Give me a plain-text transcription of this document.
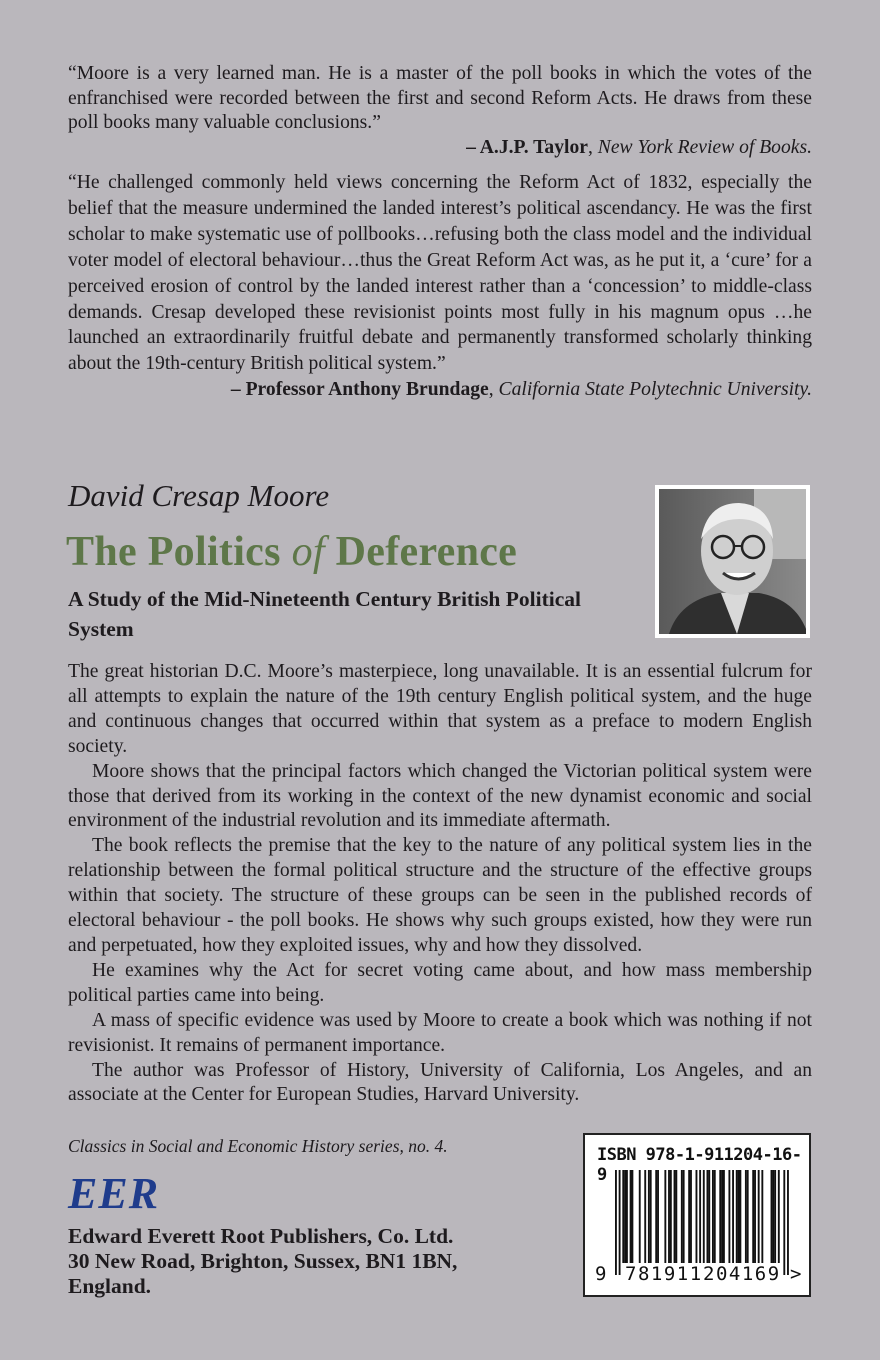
“Moore is a very learned man. He is a master of the poll books in which the votes of the enfranchised were recorded between the first and second Reform Acts. He draws from these poll books many valuable conclusions.”

– A.J.P. Taylor, New York Review of Books.

“He challenged commonly held views concerning the Reform Act of 1832, especially the belief that the measure undermined the landed interest’s political ascendancy. He was the first scholar to make systematic use of pollbooks…refusing both the class model and the individual voter model of electoral behaviour…thus the Great Reform Act was, as he put it, a ‘cure’ for a perceived erosion of control by the landed interest rather than a ‘concession’ to middle-class demands. Cresap developed these revisionist points most fully in his magnum opus …he launched an extraordinarily fruitful debate and permanently transformed scholarly thinking about the 19th-century British political system.”

– Professor Anthony Brundage, California State Polytechnic University.

David Cresap Moore
The Politics of Deference
A Study of the Mid-Nineteenth Century British Political System

The great historian D.C. Moore’s masterpiece, long unavailable. It is an essential fulcrum for all attempts to explain the nature of the 19th century English political system, and the huge and continuous changes that occurred within that system as a preface to modern English society.

Moore shows that the principal factors which changed the Victorian political system were those that derived from its working in the context of the new dynamist economic and social environment of the industrial revolution and its immediate aftermath.

The book reflects the premise that the key to the nature of any political system lies in the relationship between the formal political structure and the structure of the effective groups within that society. The structure of these groups can be seen in the published records of electoral behaviour - the poll books. He shows why such groups existed, how they were run and perpetuated, how they exploited issues, why and how they dissolved.

He examines why the Act for secret voting came about, and how mass membership political parties came into being.

A mass of specific evidence was used by Moore to create a book which was nothing if not revisionist. It remains of permanent importance.

The author was Professor of History, University of California, Los Angeles, and an associate at the Center for European Studies, Harvard University.

Classics in Social and Economic History series, no. 4.
EER
Edward Everett Root Publishers, Co. Ltd.
30 New Road, Brighton, Sussex, BN1 1BN,
England.
ISBN 978-1-911204-16-9
9 781911 204169 >
